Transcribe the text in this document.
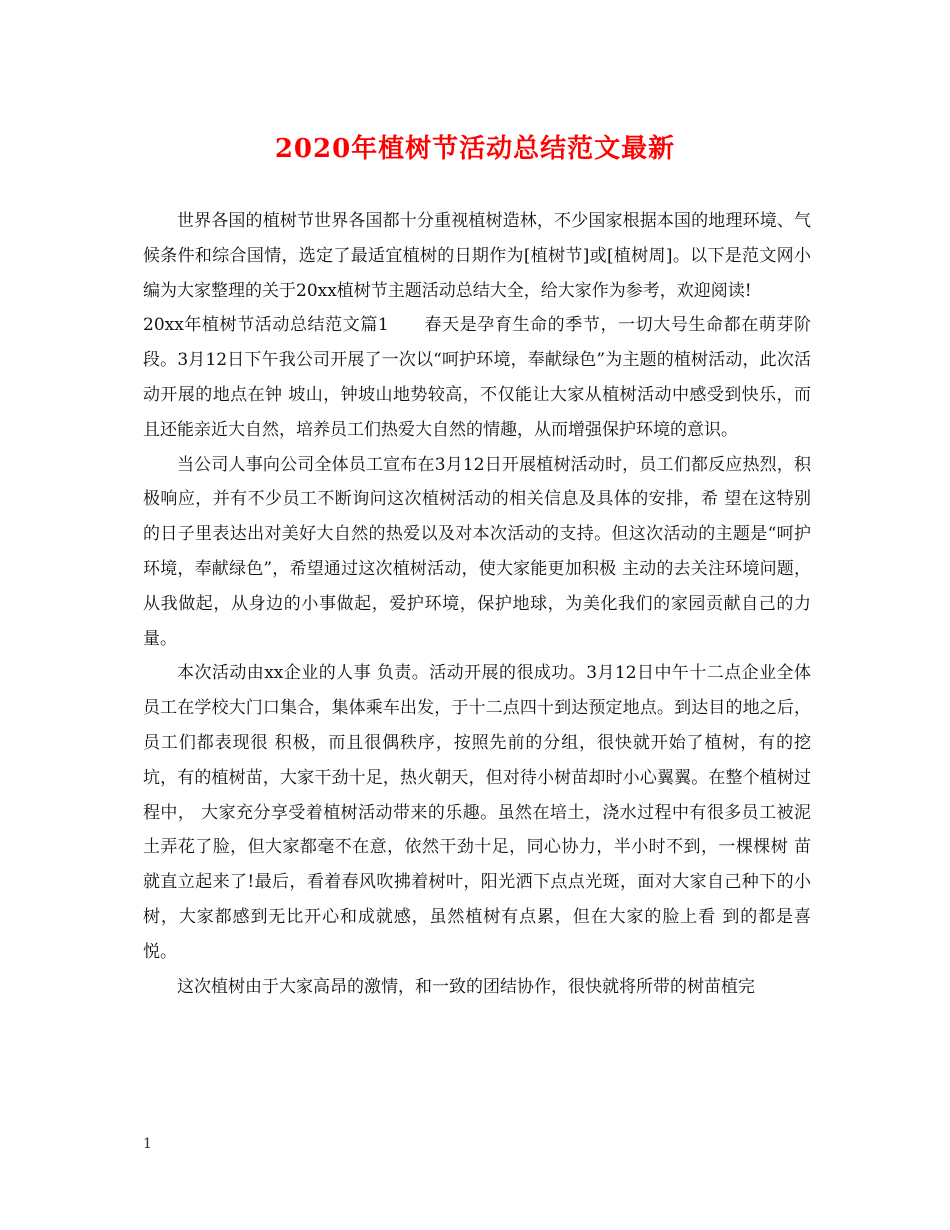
2020年植树节活动总结范文最新

世界各国的植树节世界各国都十分重视植树造林，不少国家根据本国的地理环境、气候条件和综合国情，选定了最适宜植树的日期作为[植树节]或[植树周]。以下是范文网小编为大家整理的关于20xx植树节主题活动总结大全，给大家作为参考，欢迎阅读!

20xx年植树节活动总结范文篇1　　春天是孕育生命的季节，一切大号生命都在萌芽阶段。3月12日下午我公司开展了一次以“呵护环境，奉献绿色”为主题的植树活动，此次活动开展的地点在钟 坡山，钟坡山地势较高，不仅能让大家从植树活动中感受到快乐，而且还能亲近大自然，培养员工们热爱大自然的情趣，从而增强保护环境的意识。

当公司人事向公司全体员工宣布在3月12日开展植树活动时，员工们都反应热烈，积极响应，并有不少员工不断询问这次植树活动的相关信息及具体的安排，希 望在这特别的日子里表达出对美好大自然的热爱以及对本次活动的支持。但这次活动的主题是“呵护环境，奉献绿色”，希望通过这次植树活动，使大家能更加积极 主动的去关注环境问题，从我做起，从身边的小事做起，爱护环境，保护地球，为美化我们的家园贡献自己的力量。

本次活动由xx企业的人事 负责。活动开展的很成功。3月12日中午十二点企业全体员工在学校大门口集合，集体乘车出发，于十二点四十到达预定地点。到达目的地之后，员工们都表现很 积极，而且很偶秩序，按照先前的分组，很快就开始了植树，有的挖坑，有的植树苗，大家干劲十足，热火朝天，但对待小树苗却时小心翼翼。在整个植树过程中， 大家充分享受着植树活动带来的乐趣。虽然在培土，浇水过程中有很多员工被泥土弄花了脸，但大家都毫不在意，依然干劲十足，同心协力，半小时不到，一棵棵树 苗就直立起来了!最后，看着春风吹拂着树叶，阳光洒下点点光斑，面对大家自己种下的小树，大家都感到无比开心和成就感，虽然植树有点累，但在大家的脸上看 到的都是喜悦。

这次植树由于大家高昂的激情，和一致的团结协作，很快就将所带的树苗植完

1
